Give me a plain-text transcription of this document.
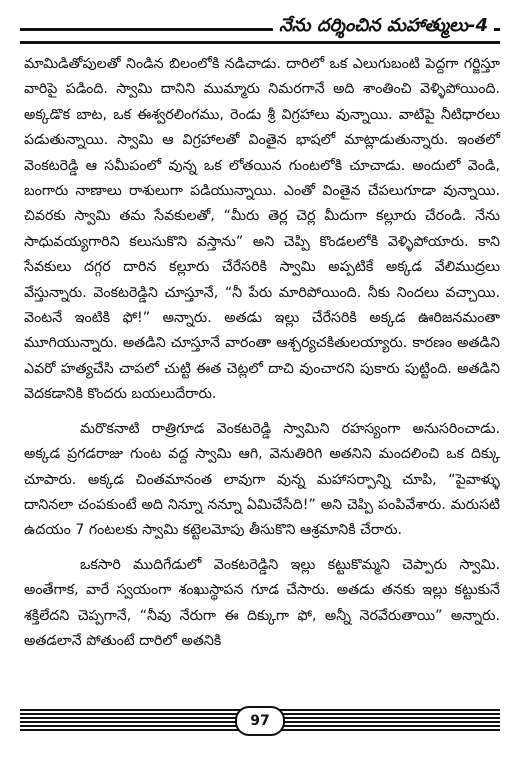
నేను దర్శించిన మహాత్ములు-4

మామిడితోపులతో నిండిన బిలంలోకి నడిచాడు. దారిలో ఒక ఎలుగుబంటి పెద్దగా గర్జిస్తూ వారిపై పడింది. స్వామి దానిని ముమ్మారు నిమరగానే అది శాంతించి వెళ్ళిపోయింది. అక్కడొక బాట, ఒక ఈశ్వరలింగము, రెండు శ్రీ విగ్రహాలు వున్నాయి. వాటిపై నీటిధారలు పడుతున్నాయి. స్వామి ఆ విగ్రహాలతో వింతైన భాషలో మాట్లాడుతున్నారు. ఇంతలో వెంకటరెడ్డి ఆ సమీపంలో వున్న ఒక లోతయిన గుంటలోకి చూచాడు. అందులో వెండి, బంగారు నాణాలు రాశులుగా పడియున్నాయి. ఎంతో వింతైన చేపలుగూడా వున్నాయి. చివరకు స్వామి తమ సేవకులతో, “మీరు తెర్ల చెర్ల మీదుగా కల్లూరు చేరండి. నేను సాధువయ్యగారిని కలుసుకొని వస్తాను” అని చెప్పి కొండలలోకి వెళ్ళిపోయారు. కాని సేవకులు దగ్గర దారిన కల్లూరు చేరేసరికి స్వామి అప్పటికే అక్కడ వేలిముద్రలు వేస్తున్నారు. వెంకటరెడ్డిని చూస్తూనే, “నీ పేరు మారిపోయింది. నీకు నిందలు వచ్చాయి. వెంటనే ఇంటికి ఫో!” అన్నారు. అతడు ఇల్లు చేరేసరికి అక్కడ ఊరిజనమంతా మూగియున్నారు. అతడిని చూస్తూనే వారంతా ఆశ్చర్యచకితులయ్యారు. కారణం అతడిని ఎవరో హత్యచేసి చాపలో చుట్టి ఈత చెట్లలో దాచి వుంచారని పుకారు పుట్టింది. అతడిని వెదకడానికి కొందరు బయలుదేరారు.

మరొకనాటి రాత్రిగూడ వెంకటరెడ్డి స్వామిని రహస్యంగా అనుసరించాడు. అక్కడ ప్రగడరాజు గుంట వద్ద స్వామి ఆగి, వెనుతిరిగి అతనిని మందలించి ఒక దిక్కు చూపారు. అక్కడ చింతమానంత లావుగా వున్న మహాసర్పాన్ని చూపి, “పైవాళ్ళు దానినలా చంపకుంటే అది నిన్నూ నన్నూ ఏమిచేసేది!” అని చెప్పి పంపివేశారు. మరుసటి ఉదయం 7 గంటలకు స్వామి కట్టెలమోపు తీసుకొని ఆశ్రమానికి చేరారు.

ఒకసారి ముదిగేడులో వెంకటరెడ్డిని ఇల్లు కట్టుకొమ్మని చెప్పారు స్వామి. అంతేగాక, వారే స్వయంగా శంఖుస్థాపన గూడ చేసారు. అతడు తనకు ఇల్లు కట్టుకునే శక్తిలేదని చెప్పగానే, “నీవు నేరుగా ఈ దిక్కుగా ఫో, అన్నీ నెరవేరుతాయి” అన్నారు. అతడలానే పోతుంటే దారిలో అతనికి

97
